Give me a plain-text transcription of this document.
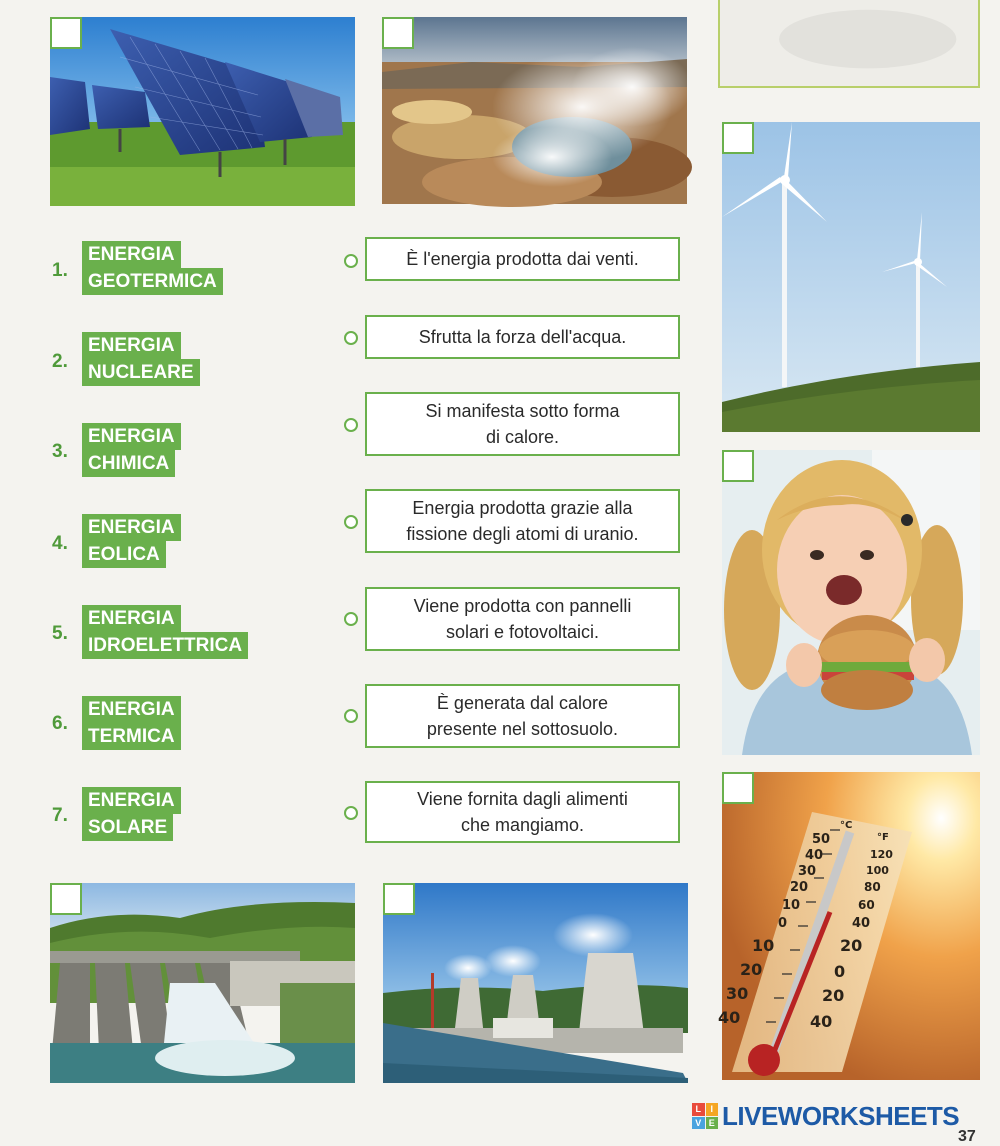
°C
°F
50
40
30
20
10
0
10
20
30
40
120
100
80
60
40
20
0
20
40
1.
ENERGIA
GEOTERMICA
2.
ENERGIA
NUCLEARE
3.
ENERGIA
CHIMICA
4.
ENERGIA
EOLICA
5.
ENERGIA
IDROELETTRICA
6.
ENERGIA
TERMICA
7.
ENERGIA
SOLARE
È l'energia prodotta dai venti.
Sfrutta la forza dell'acqua.
Si manifesta sotto forma
di calore.
Energia prodotta grazie alla
fissione degli atomi di uranio.
Viene prodotta con pannelli
solari e fotovoltaici.
È generata dal calore
presente nel sottosuolo.
Viene fornita dagli alimenti
che mangiamo.
L	I
V E LIVEWORKSHEETS
37
